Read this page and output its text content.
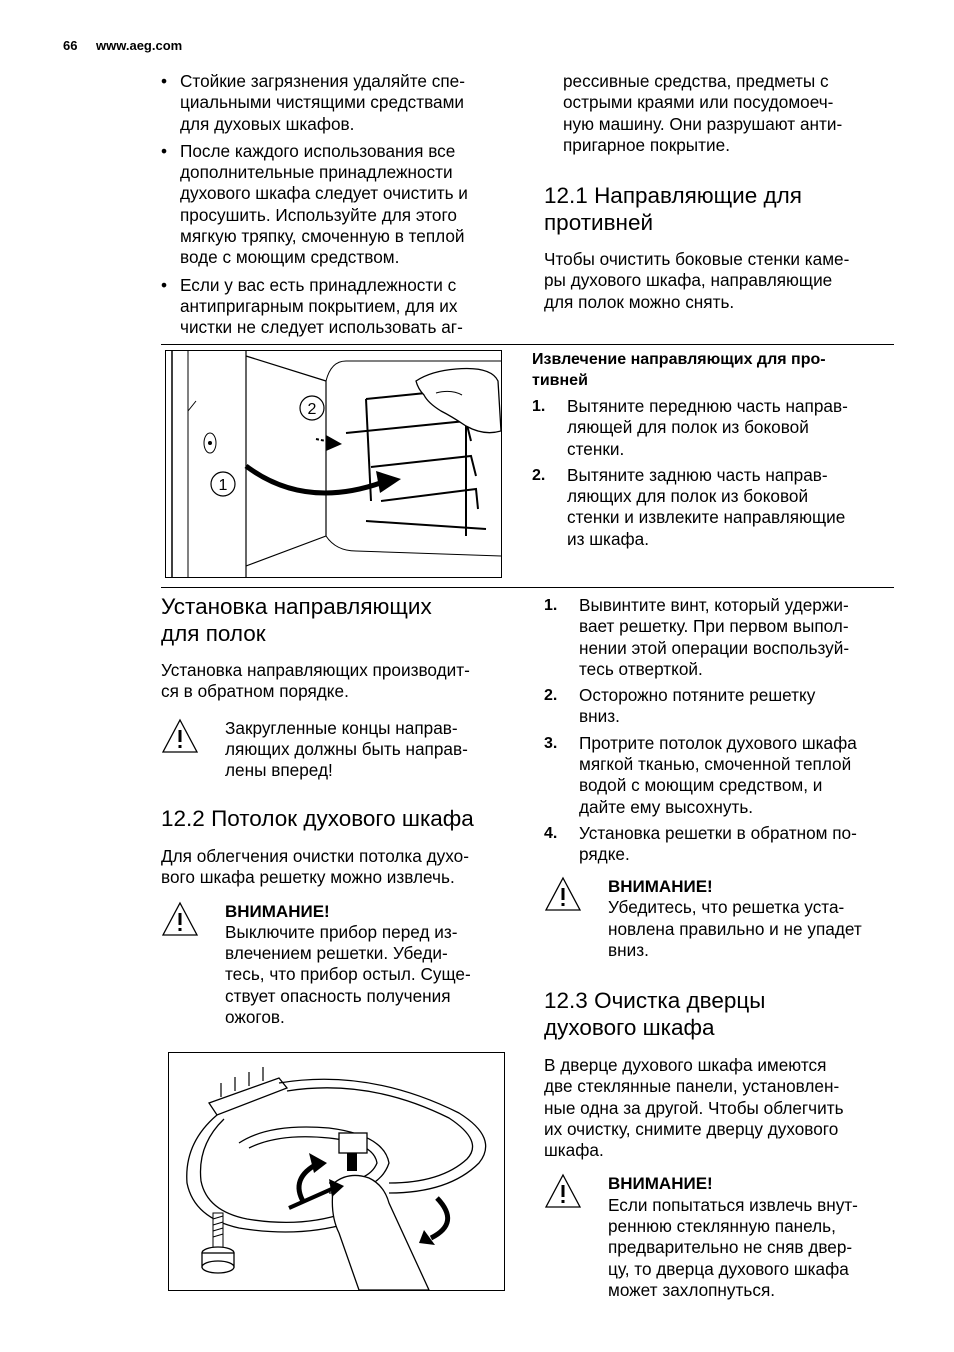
66 www.aeg.com
• Стойкие загрязнения удаляйте спе-
циальными чистящими средствами
для духовых шкафов.
• После каждого использования все
дополнительные принадлежности
духового шкафа следует очистить и
просушить. Используйте для этого
мягкую тряпку, смоченную в теплой
воде с моющим средством.
• Если у вас есть принадлежности с
антипригарным покрытием, для их
чистки не следует использовать аг-

рессивные средства, предметы с
острыми краями или посудомоеч-
ную машину. Они разрушают анти-
пригарное покрытие.

12.1 Направляющие для
противней

Чтобы очистить боковые стенки каме-
ры духового шкафа, направляющие
для полок можно снять.

1
2

Извлечение направляющих для про-
тивней

1. Вытяните переднюю часть направ-
ляющей для полок из боковой
стенки.
2. Вытяните заднюю часть направ-
ляющих для полок из боковой
стенки и извлеките направляющие
из шкафа.
Установка направляющих
для полок

Установка направляющих производит-
ся в обратном порядке.

Закругленные концы направ-
ляющих должны быть направ-
лены вперед!

12.2 Потолок духового шкафа

Для облегчения очистки потолка духо-
вого шкафа решетку можно извлечь.

ВНИМАНИЕ!

Выключите прибор перед из-
влечением решетки. Убеди-
тесь, что прибор остыл. Суще-
ствует опасность получения
ожогов.

1. Вывинтите винт, который удержи-
вает решетку. При первом выпол-
нении этой операции воспользуй-
тесь отверткой.
2. Осторожно потяните решетку
вниз.
3. Протрите потолок духового шкафа
мягкой тканью, смоченной теплой
водой с моющим средством, и
дайте ему высохнуть.
4. Установка решетки в обратном по-
рядке.

ВНИМАНИЕ!

Убедитесь, что решетка уста-
новлена правильно и не упадет
вниз.

12.3 Очистка дверцы
духового шкафа

В дверце духового шкафа имеются
две стеклянные панели, установлен-
ные одна за другой. Чтобы облегчить
их очистку, снимите дверцу духового
шкафа.

ВНИМАНИЕ!

Если попытаться извлечь внут-
реннюю стеклянную панель,
предварительно не сняв двер-
цу, то дверца духового шкафа
может захлопнуться.
